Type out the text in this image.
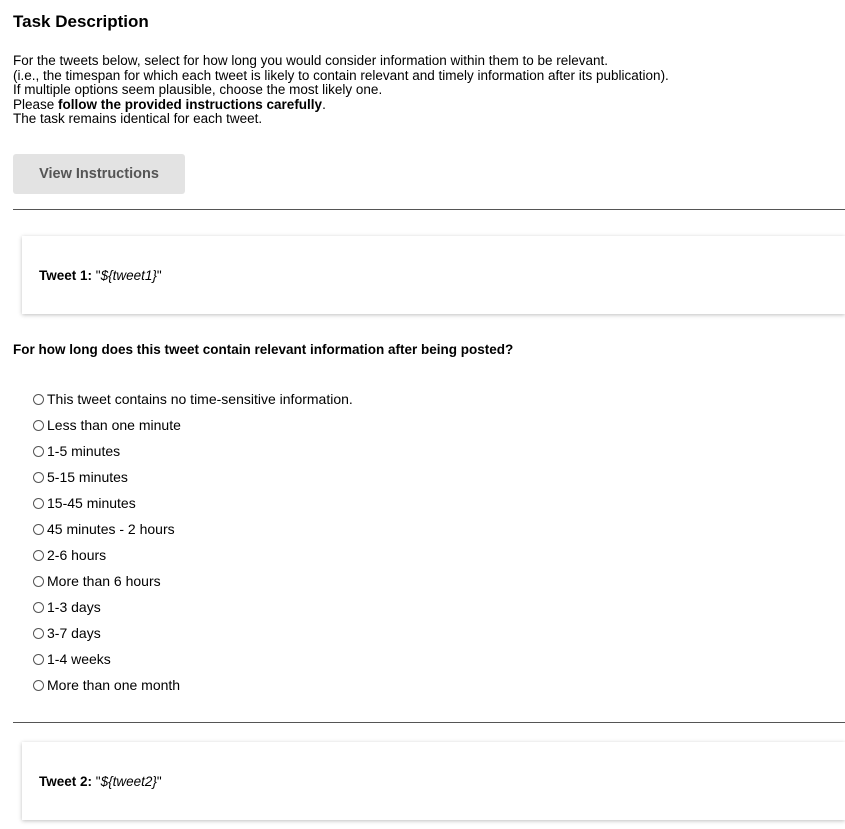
Task Description
For the tweets below, select for how long you would consider information within them to be relevant.
(i.e., the timespan for which each tweet is likely to contain relevant and timely information after its publication).
If multiple options seem plausible, choose the most likely one.
Please follow the provided instructions carefully.
The task remains identical for each tweet.
View Instructions
Tweet 1: "${tweet1}"
For how long does this tweet contain relevant information after being posted?
This tweet contains no time-sensitive information.
Less than one minute
1-5 minutes
5-15 minutes
15-45 minutes
45 minutes - 2 hours
2-6 hours
More than 6 hours
1-3 days
3-7 days
1-4 weeks
More than one month
Tweet 2: "${tweet2}"
